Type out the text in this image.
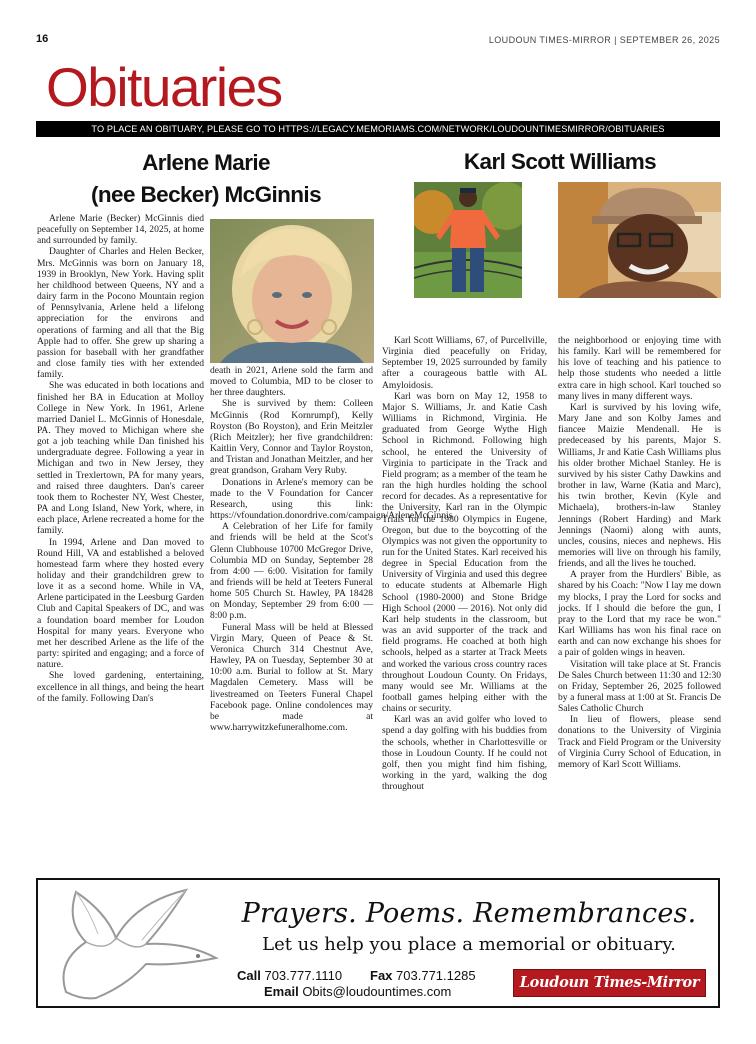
16	LOUDOUN TIMES-MIRROR | SEPTEMBER 26, 2025
Obituaries
TO PLACE AN OBITUARY, PLEASE GO TO HTTPS://LEGACY.MEMORIAMS.COM/NETWORK/LOUDOUNTIMESMIRROR/OBITUARIES
Arlene Marie
(nee Becker) McGinnis

Arlene Marie (Becker) McGinnis died peacefully on September 14, 2025, at home and surrounded by family.

Daughter of Charles and Helen Becker, Mrs. McGinnis was born on January 18, 1939 in Brooklyn, New York. Having split her childhood between Queens, NY and a dairy farm in the Pocono Mountain region of Pennsylvania, Arlene held a lifelong appreciation for the environs and operations of farming and all that the Big Apple had to offer. She grew up sharing a passion for baseball with her grandfather and close family ties with her extended family.

She was educated in both locations and finished her BA in Education at Molloy College in New York. In 1961, Arlene married Daniel L. McGinnis of Honesdale, PA. They moved to Michigan where she got a job teaching while Dan finished his undergraduate degree. Following a year in Michigan and two in New Jersey, they settled in Trexlertown, PA for many years, and raised three daughters. Dan's career took them to Rochester NY, West Chester, PA and Long Island, New York, where, in each place, Arlene recreated a home for the family.

In 1994, Arlene and Dan moved to Round Hill, VA and established a beloved homestead farm where they hosted every holiday and their grandchildren grew to love it as a second home. While in VA, Arlene participated in the Leesburg Garden Club and Capital Speakers of DC, and was a foundation board member for Loudon Hospital for many years. Everyone who met her described Arlene as the life of the party: spirited and engaging; and a force of nature.

She loved gardening, entertaining, excellence in all things, and being the heart of the family. Following Dan's

death in 2021, Arlene sold the farm and moved to Columbia, MD to be closer to her three daughters.

She is survived by them: Colleen McGinnis (Rod Kornrumpf), Kelly Royston (Bo Royston), and Erin Meitzler (Rich Meitzler); her five grandchildren: Kaitlin Very, Connor and Taylor Royston, and Tristan and Jonathan Meitzler, and her great grandson, Graham Very Ruby.

Donations in Arlene's memory can be made to the V Foundation for Cancer Research, using this link: https://vfoundation.donordrive.com/campaign/ArleneMcGinnis

A Celebration of her Life for family and friends will be held at the Scot's Glenn Clubhouse 10700 McGregor Drive, Columbia MD on Sunday, September 28 from 4:00 — 6:00. Visitation for family and friends will be held at Teeters Funeral home 505 Church St. Hawley, PA 18428 on Monday, September 29 from 6:00 — 8:00 p.m.

Funeral Mass will be held at Blessed Virgin Mary, Queen of Peace & St. Veronica Church 314 Chestnut Ave, Hawley, PA on Tuesday, September 30 at 10:00 a.m. Burial to follow at St. Mary Magdalen Cemetery. Mass will be livestreamed on Teeters Funeral Chapel Facebook page. Online condolences may be made at www.harrywitzkefuneralhome.com.

Karl Scott Williams

Karl Scott Williams, 67, of Purcellville, Virginia died peacefully on Friday, September 19, 2025 surrounded by family after a courageous battle with AL Amyloidosis.

Karl was born on May 12, 1958 to Major S. Williams, Jr. and Katie Cash Williams in Richmond, Virginia. He graduated from George Wythe High School in Richmond. Following high school, he entered the University of Virginia to participate in the Track and Field program; as a member of the team he ran the high hurdles holding the school record for decades. As a representative for the University, Karl ran in the Olympic Trials for the 1980 Olympics in Eugene, Oregon, but due to the boycotting of the Olympics was not given the opportunity to run for the United States. Karl received his degree in Special Education from the University of Virginia and used this degree to educate students at Albemarle High School (1980-2000) and Stone Bridge High School (2000 — 2016). Not only did Karl help students in the classroom, but was an avid supporter of the track and field programs. He coached at both high schools, helped as a starter at Track Meets and worked the various cross country races throughout Loudoun County. On Fridays, many would see Mr. Williams at the football games helping either with the chains or security.

Karl was an avid golfer who loved to spend a day golfing with his buddies from the schools, whether in Charlottesville or those in Loudoun County. If he could not golf, then you might find him fishing, working in the yard, walking the dog throughout

the neighborhood or enjoying time with his family. Karl will be remembered for his love of teaching and his patience to help those students who needed a little extra care in high school. Karl touched so many lives in many different ways.

Karl is survived by his loving wife, Mary Jane and son Kolby James and fiancee Maizie Mendenall. He is predeceased by his parents, Major S. Williams, Jr and Katie Cash Williams plus his older brother Michael Stanley. He is survived by his sister Cathy Dawkins and brother in law, Warne (Katia and Marc), his twin brother, Kevin (Kyle and Michaela), brothers-in-law Stanley Jennings (Robert Harding) and Mark Jennings (Naomi) along with aunts, uncles, cousins, nieces and nephews. His memories will live on through his family, friends, and all the lives he touched.

A prayer from the Hurdlers' Bible, as shared by his Coach: "Now I lay me down my blocks, I pray the Lord for socks and jocks. If I should die before the gun, I pray to the Lord that my race be won." Karl Williams has won his final race on earth and can now exchange his shoes for a pair of golden wings in heaven.

Visitation will take place at St. Francis De Sales Church between 11:30 and 12:30 on Friday, September 26, 2025 followed by a funeral mass at 1:00 at St. Francis De Sales Catholic Church

In lieu of flowers, please send donations to the University of Virginia Track and Field Program or the University of Virginia Curry School of Education, in memory of Karl Scott Williams.

Prayers. Poems. Remembrances.
Let us help you place a memorial or obituary.
Call 703.777.1110 Fax 703.771.1285
Email Obits@loudountimes.com
Loudoun Times-Mirror
